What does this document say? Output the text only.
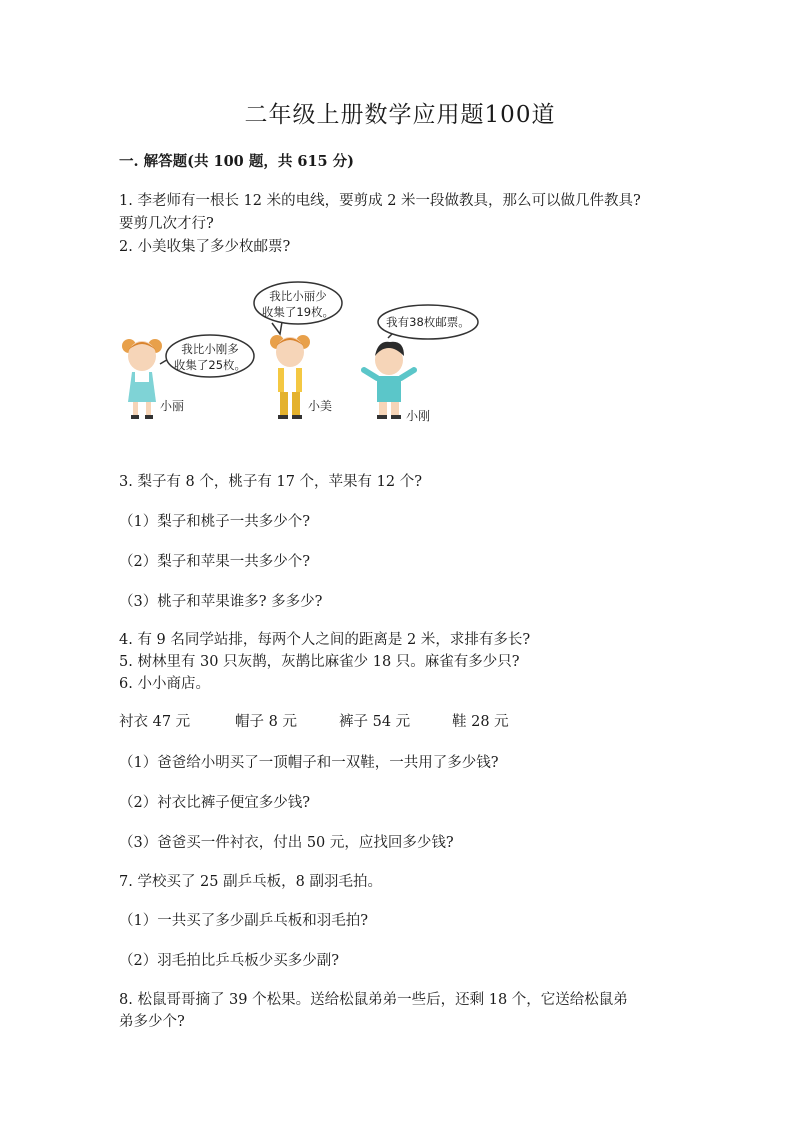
二年级上册数学应用题100道
一. 解答题(共 100 题，共 615 分)
1. 李老师有一根长 12 米的电线，要剪成 2 米一段做教具，那么可以做几件教具?
要剪几次才行?
2. 小美收集了多少枚邮票?
我比小刚多
收集了25枚。
小丽
我比小丽少
收集了19枚。
小美
我有38枚邮票。
小刚
3. 梨子有 8 个，桃子有 17 个，苹果有 12 个?
（1）梨子和桃子一共多少个?
（2）梨子和苹果一共多少个?
（3）桃子和苹果谁多? 多多少?
4. 有 9 名同学站排，每两个人之间的距离是 2 米，求排有多长?
5. 树林里有 30 只灰鹊，灰鹊比麻雀少 18 只。麻雀有多少只?
6. 小小商店。
衬衣 47 元	帽子 8 元	裤子 54 元	鞋 28 元
（1）爸爸给小明买了一顶帽子和一双鞋，一共用了多少钱?
（2）衬衣比裤子便宜多少钱?
（3）爸爸买一件衬衣，付出 50 元，应找回多少钱?
7. 学校买了 25 副乒乓板，8 副羽毛拍。
（1）一共买了多少副乒乓板和羽毛拍?
（2）羽毛拍比乒乓板少买多少副?
8. 松鼠哥哥摘了 39 个松果。送给松鼠弟弟一些后，还剩 18 个，它送给松鼠弟
弟多少个?
